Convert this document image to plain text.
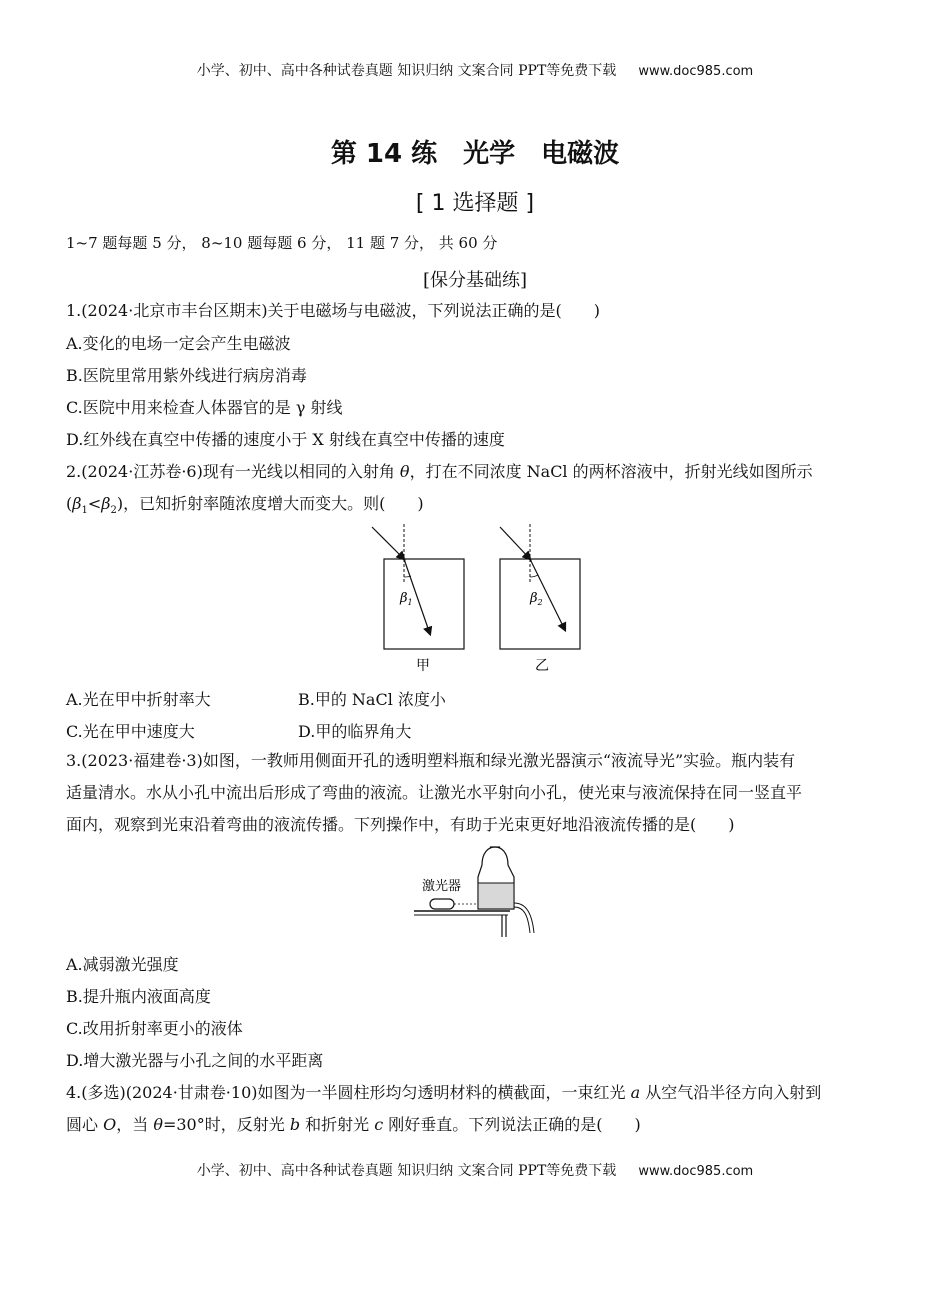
小学、初中、高中各种试卷真题 知识归纳 文案合同 PPT等免费下载 www.doc985.com
第 14 练　光学　电磁波
[ 1 选择题 ]
1~7 题每题 5 分， 8~10 题每题 6 分， 11 题 7 分， 共 60 分
[保分基础练]
1.(2024·北京市丰台区期末)关于电磁场与电磁波，下列说法正确的是(　　)
A.变化的电场一定会产生电磁波
B.医院里常用紫外线进行病房消毒
C.医院中用来检查人体器官的是 γ 射线
D.红外线在真空中传播的速度小于 X 射线在真空中传播的速度
2.(2024·江苏卷·6)现有一光线以相同的入射角 θ，打在不同浓度 NaCl 的两杯溶液中，折射光线如图所示
$(\beta_1<\beta_2)$，已知折射率随浓度增大而变大。则(　　)
$\beta_1$
甲
$\beta_2$
乙
A.光在甲中折射率大	B.甲的 NaCl 浓度小
C.光在甲中速度大	D.甲的临界角大
3.(2023·福建卷·3)如图，一教师用侧面开孔的透明塑料瓶和绿光激光器演示“液流导光”实验。瓶内装有
适量清水。水从小孔中流出后形成了弯曲的液流。让激光水平射向小孔，使光束与液流保持在同一竖直平
面内，观察到光束沿着弯曲的液流传播。下列操作中，有助于光束更好地沿液流传播的是(　　)
激光器
A.减弱激光强度
B.提升瓶内液面高度
C.改用折射率更小的液体
D.增大激光器与小孔之间的水平距离
4.(多选)(2024·甘肃卷·10)如图为一半圆柱形均匀透明材料的横截面，一束红光 a 从空气沿半径方向入射到
圆心 O，当 θ=30°时，反射光 b 和折射光 c 刚好垂直。下列说法正确的是(　　)
小学、初中、高中各种试卷真题 知识归纳 文案合同 PPT等免费下载 www.doc985.com
